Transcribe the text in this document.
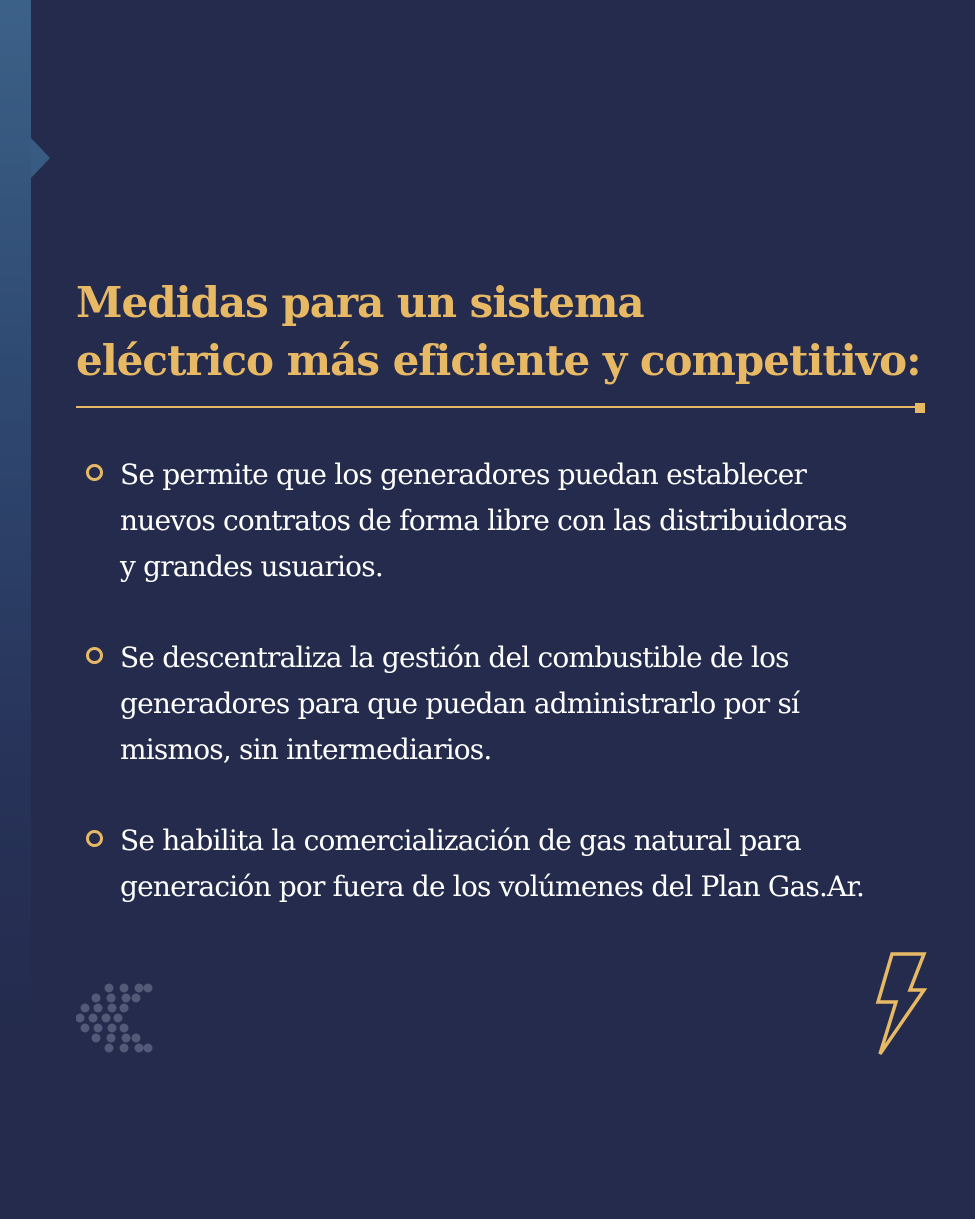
Medidas para un sistema
eléctrico más eficiente y competitivo:
Se permite que los generadores puedan establecer
nuevos contratos de forma libre con las distribuidoras
y grandes usuarios.
Se descentraliza la gestión del combustible de los
generadores para que puedan administrarlo por sí
mismos, sin intermediarios.
Se habilita la comercialización de gas natural para
generación por fuera de los volúmenes del Plan Gas.Ar.
